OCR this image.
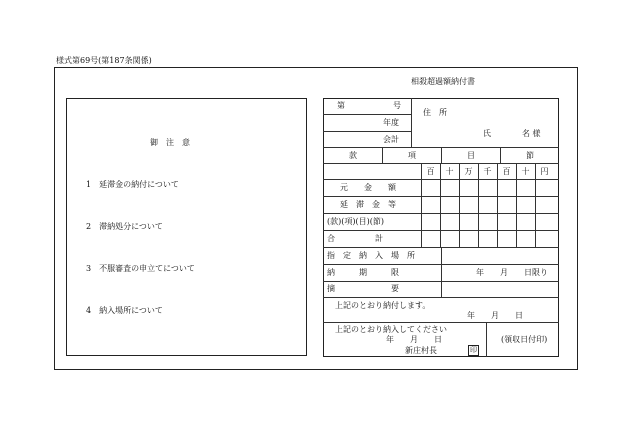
様式第69号(第187条関係)
御　注　意
1　延滞金の納付について
2　滞納処分について
3　不服審査の申立てについて
4　納入場所について
相殺超過額納付書
第	号
年度
会計
住　所
氏	名 様
款	項	目	節
百	十	万	千	百	十	円
元　　金　　額
延　滞　金　等
(款)(項)(目)(節)
合　　　　　計
指　定　納　入　場　所
納　　　期　　　限	年　　月　　日限り
摘　　　　　　　要
上記のとおり納付します。
年　　月　　日
上記のとおり納入してください
年　　月　　日
新庄村長	印
(領収日付印)
